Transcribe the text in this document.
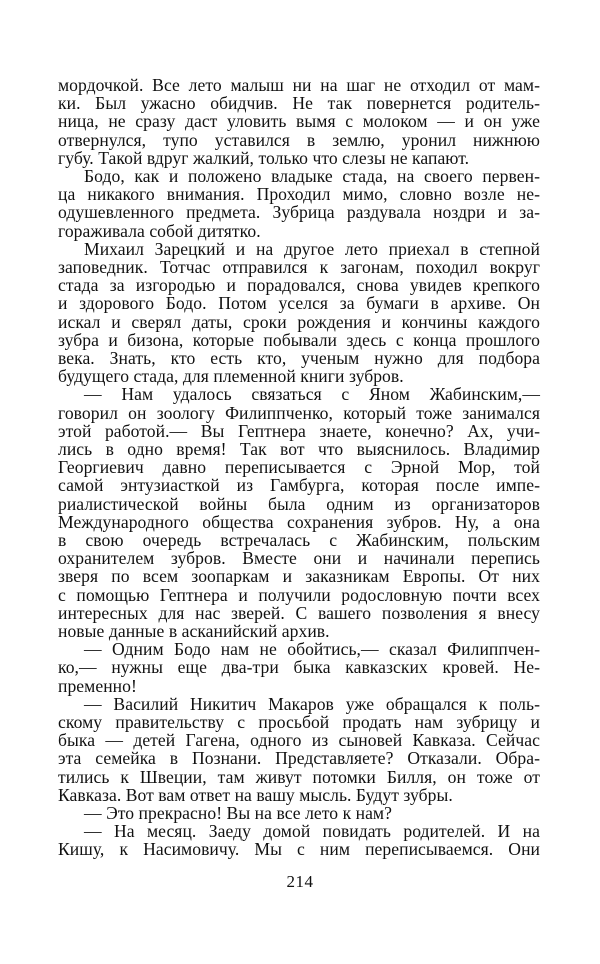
мордочкой. Все лето малыш ни на шаг не отходил от мам-
ки. Был ужасно обидчив. Не так повернется родитель-
ница, не сразу даст уловить вымя с молоком — и он уже
отвернулся, тупо уставился в землю, уронил нижнюю
губу. Такой вдруг жалкий, только что слезы не капают.
Бодо, как и положено владыке стада, на своего первен-
ца никакого внимания. Проходил мимо, словно возле не-
одушевленного предмета. Зубрица раздувала ноздри и за-
гораживала собой дитятко.
Михаил Зарецкий и на другое лето приехал в степной
заповедник. Тотчас отправился к загонам, походил вокруг
стада за изгородью и порадовался, снова увидев крепкого
и здорового Бодо. Потом уселся за бумаги в архиве. Он
искал и сверял даты, сроки рождения и кончины каждого
зубра и бизона, которые побывали здесь с конца прошлого
века. Знать, кто есть кто, ученым нужно для подбора
будущего стада, для племенной книги зубров.
— Нам удалось связаться с Яном Жабинским,—
говорил он зоологу Филиппченко, который тоже занимался
этой работой.— Вы Гептнера знаете, конечно? Ах, учи-
лись в одно время! Так вот что выяснилось. Владимир
Георгиевич давно переписывается с Эрной Мор, той
самой энтузиасткой из Гамбурга, которая после импе-
риалистической войны была одним из организаторов
Международного общества сохранения зубров. Ну, а она
в свою очередь встречалась с Жабинским, польским
охранителем зубров. Вместе они и начинали перепись
зверя по всем зоопаркам и заказникам Европы. От них
с помощью Гептнера и получили родословную почти всех
интересных для нас зверей. С вашего позволения я внесу
новые данные в асканийский архив.
— Одним Бодо нам не обойтись,— сказал Филиппчен-
ко,— нужны еще два-три быка кавказских кровей. Не-
пременно!
— Василий Никитич Макаров уже обращался к поль-
скому правительству с просьбой продать нам зубрицу и
быка — детей Гагена, одного из сыновей Кавказа. Сейчас
эта семейка в Познани. Представляете? Отказали. Обра-
тились к Швеции, там живут потомки Билля, он тоже от
Кавказа. Вот вам ответ на вашу мысль. Будут зубры.
— Это прекрасно! Вы на все лето к нам?
— На месяц. Заеду домой повидать родителей. И на
Кишу, к Насимовичу. Мы с ним переписываемся. Они
214
